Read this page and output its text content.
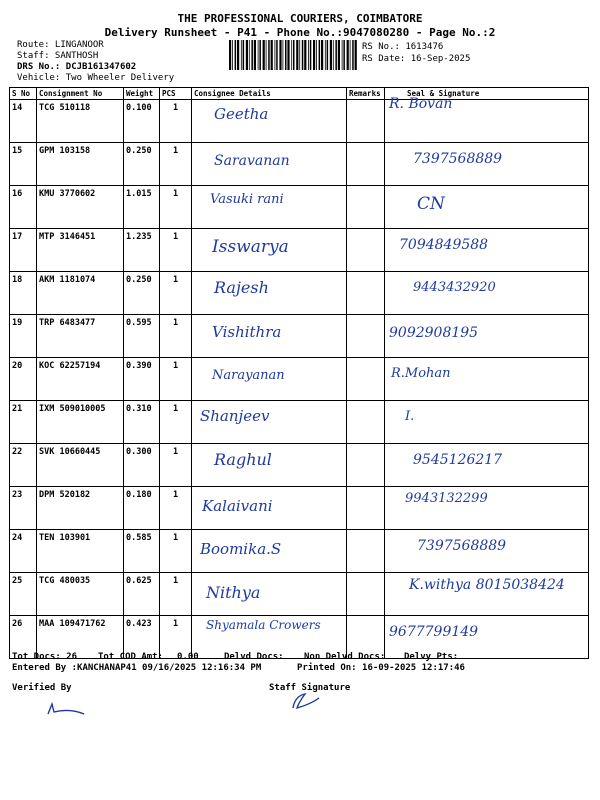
THE PROFESSIONAL COURIERS, COIMBATORE
Delivery Runsheet - P41 - Phone No.:9047080280 - Page No.:2
Route: LINGANOOR
Staff: SANTHOSH
DRS No.: DCJB161347602
Vehicle: Two Wheeler Delivery
RS No.: 1613476
RS Date: 16-Sep-2025
S No	Consignment No	Weight	PCS	Consignee Details	Remarks	Seal & Signature
14	TCG 510118	0.100	1	Geetha		R. Bovan

15	GPM 103158	0.250	1	Saravanan		7397568889

16	KMU 3770602	1.015	1	Vasuki rani		CN

17	MTP 3146451	1.235	1	Isswarya		7094849588

18	AKM 1181074	0.250	1	Rajesh		9443432920

19	TRP 6483477	0.595	1	Vishithra		9092908195

20	KOC 62257194	0.390	1	Narayanan		R.Mohan

21	IXM 509010005	0.310	1	Shanjeev		I.

22	SVK 10660445	0.300	1	Raghul		9545126217

23	DPM 520182	0.180	1	Kalaivani		9943132299

24	TEN 103901	0.585	1	Boomika.S		7397568889

25	TCG 480035	0.625	1	Nithya		K.withya 8015038424

26	MAA 109471762	0.423	1	Shyamala Crowers		9677799149
Tot Docs: 26 Tot COD Amt: 0.00	Delvd Docs: Non Delvd Docs: Delvy Pts:
Entered By :KANCHANAP41 09/16/2025 12:16:34 PM	Printed On: 16-09-2025 12:17:46
Verified By	Staff Signature
